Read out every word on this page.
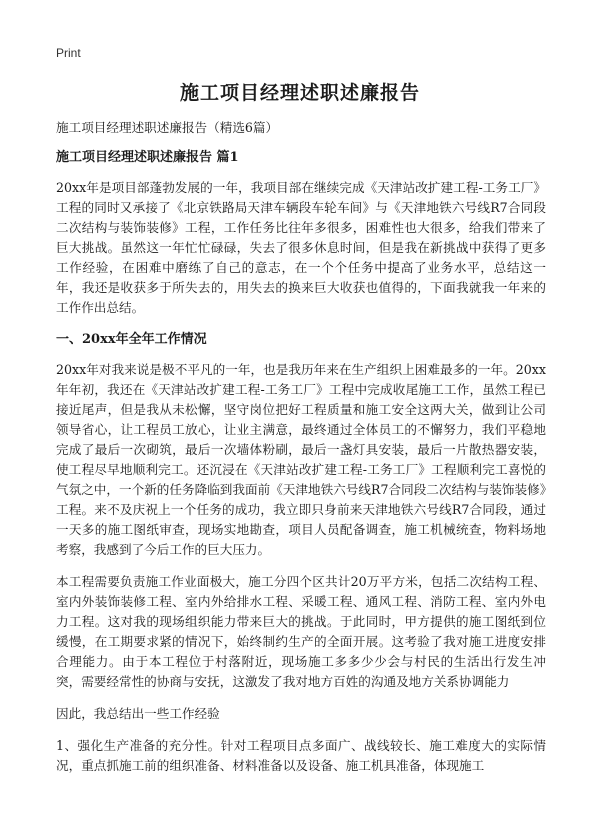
Print
施工项目经理述职述廉报告

施工项目经理述职述廉报告（精选6篇）

施工项目经理述职述廉报告 篇1

20xx年是项目部蓬勃发展的一年，我项目部在继续完成《天津站改扩建工程-工务工厂》工程的同时又承接了《北京铁路局天津车辆段车轮车间》与《天津地铁六号线R7合同段二次结构与装饰装修》工程，工作任务比往年多很多，困难性也大很多，给我们带来了巨大挑战。虽然这一年忙忙碌碌，失去了很多休息时间，但是我在新挑战中获得了更多工作经验，在困难中磨练了自己的意志，在一个个任务中提高了业务水平，总结这一年，我还是收获多于所失去的，用失去的换来巨大收获也值得的，下面我就我一年来的工作作出总结。

一、20xx年全年工作情况

20xx年对我来说是极不平凡的一年，也是我历年来在生产组织上困难最多的一年。20xx年年初，我还在《天津站改扩建工程-工务工厂》工程中完成收尾施工工作，虽然工程已接近尾声，但是我从未松懈，坚守岗位把好工程质量和施工安全这两大关，做到让公司领导省心，让工程员工放心，让业主满意，最终通过全体员工的不懈努力，我们平稳地完成了最后一次砌筑，最后一次墙体粉刷，最后一盏灯具安装，最后一片散热器安装，使工程尽早地顺利完工。还沉浸在《天津站改扩建工程-工务工厂》工程顺利完工喜悦的气氛之中，一个新的任务降临到我面前《天津地铁六号线R7合同段二次结构与装饰装修》工程。来不及庆祝上一个任务的成功，我立即只身前来天津地铁六号线R7合同段，通过一天多的施工图纸审查，现场实地勘查，项目人员配备调查，施工机械统查，物料场地考察，我感到了今后工作的巨大压力。

本工程需要负责施工作业面极大，施工分四个区共计20万平方米，包括二次结构工程、室内外装饰装修工程、室内外给排水工程、采暖工程、通风工程、消防工程、室内外电力工程。这对我的现场组织能力带来巨大的挑战。于此同时，甲方提供的施工图纸到位缓慢，在工期要求紧的情况下，始终制约生产的全面开展。这考验了我对施工进度安排合理能力。由于本工程位于村落附近，现场施工多多少少会与村民的生活出行发生冲突，需要经常性的协商与安抚，这激发了我对地方百姓的沟通及地方关系协调能力

因此，我总结出一些工作经验

1、强化生产准备的充分性。针对工程项目点多面广、战线较长、施工难度大的实际情况，重点抓施工前的组织准备、材料准备以及设备、施工机具准备，体现施工
